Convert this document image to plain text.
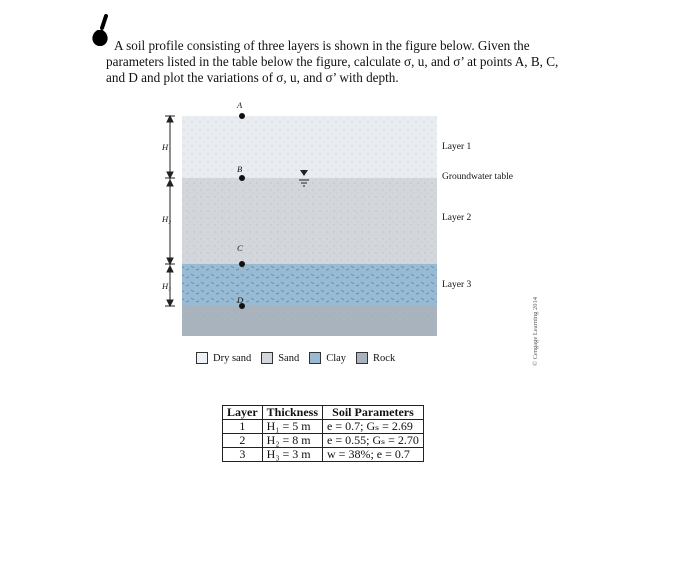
A soil profile consisting of three layers is shown in the figure below. Given the
parameters listed in the table below the figure, calculate σ, u, and σ’ at points A, B, C,
and D and plot the variations of σ, u, and σ’ with depth.
A
B
C
D
H₁
H₂
H₃
Layer 1
Groundwater table
Layer 2
Layer 3
© Cengage Learning 2014
Dry sand	Sand	Clay	Rock
Layer	Thickness	Soil Parameters
1	H₁ = 5 m	e = 0.7; Gₛ = 2.69
2	H₂ = 8 m	e = 0.55; Gₛ = 2.70
3	H₃ = 3 m	w = 38%; e = 0.7
